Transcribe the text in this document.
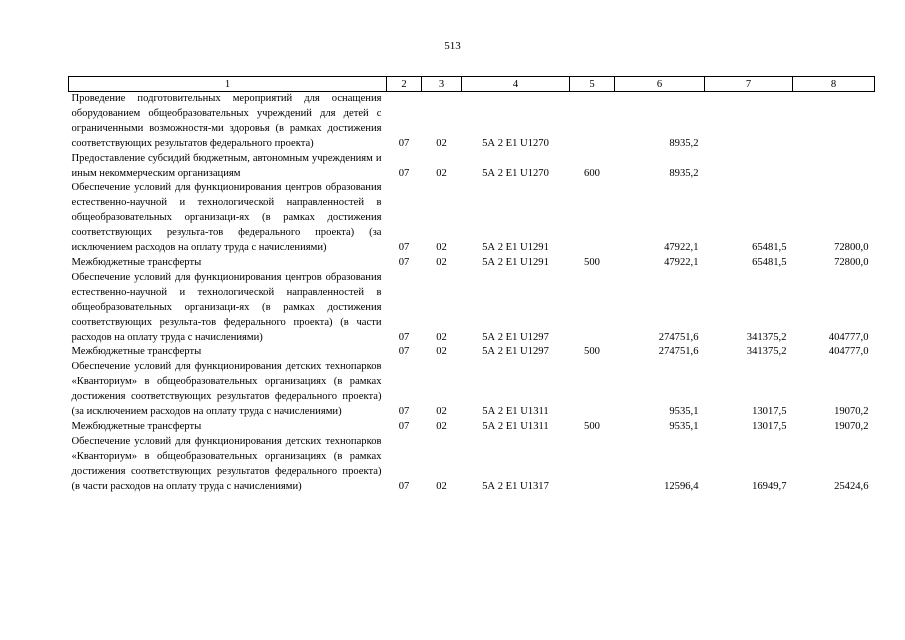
513
1	2	3	4	5	6	7	8
Проведение подготовительных мероприятий для оснащения оборудованием общеобразовательных учреждений для детей с ограниченными возможностя-ми здоровья (в рамках достижения соответствующих результатов федерального проекта)	07	02	5А 2 Е1 U1270		8935,2		
Предоставление субсидий бюджетным, автономным учреждениям и иным некоммерческим организациям	07	02	5А 2 Е1 U1270	600	8935,2		
Обеспечение условий для функционирования центров образования естественно-научной и технологической направленностей в общеобразовательных организаци-ях (в рамках достижения соответствующих результа-тов федерального проекта) (за исключением расходов на оплату труда с начислениями)	07	02	5А 2 Е1 U1291		47922,1	65481,5	72800,0
Межбюджетные трансферты	07	02	5А 2 Е1 U1291	500	47922,1	65481,5	72800,0
Обеспечение условий для функционирования центров образования естественно-научной и технологической направленностей в общеобразовательных организаци-ях (в рамках достижения соответствующих результа-тов федерального проекта) (в части расходов на оплату труда с начислениями)	07	02	5А 2 Е1 U1297		274751,6	341375,2	404777,0
Межбюджетные трансферты	07	02	5А 2 Е1 U1297	500	274751,6	341375,2	404777,0
Обеспечение условий для функционирования детских технопарков «Кванториум» в общеобразовательных организациях (в рамках достижения соответствующих результатов федерального проекта) (за исключением расходов на оплату труда с начислениями)	07	02	5А 2 Е1 U1311		9535,1	13017,5	19070,2
Межбюджетные трансферты	07	02	5А 2 Е1 U1311	500	9535,1	13017,5	19070,2
Обеспечение условий для функционирования детских технопарков «Кванториум» в общеобразовательных организациях (в рамках достижения соответствующих результатов федерального проекта) (в части расходов на оплату труда с начислениями)	07	02	5А 2 Е1 U1317		12596,4	16949,7	25424,6
